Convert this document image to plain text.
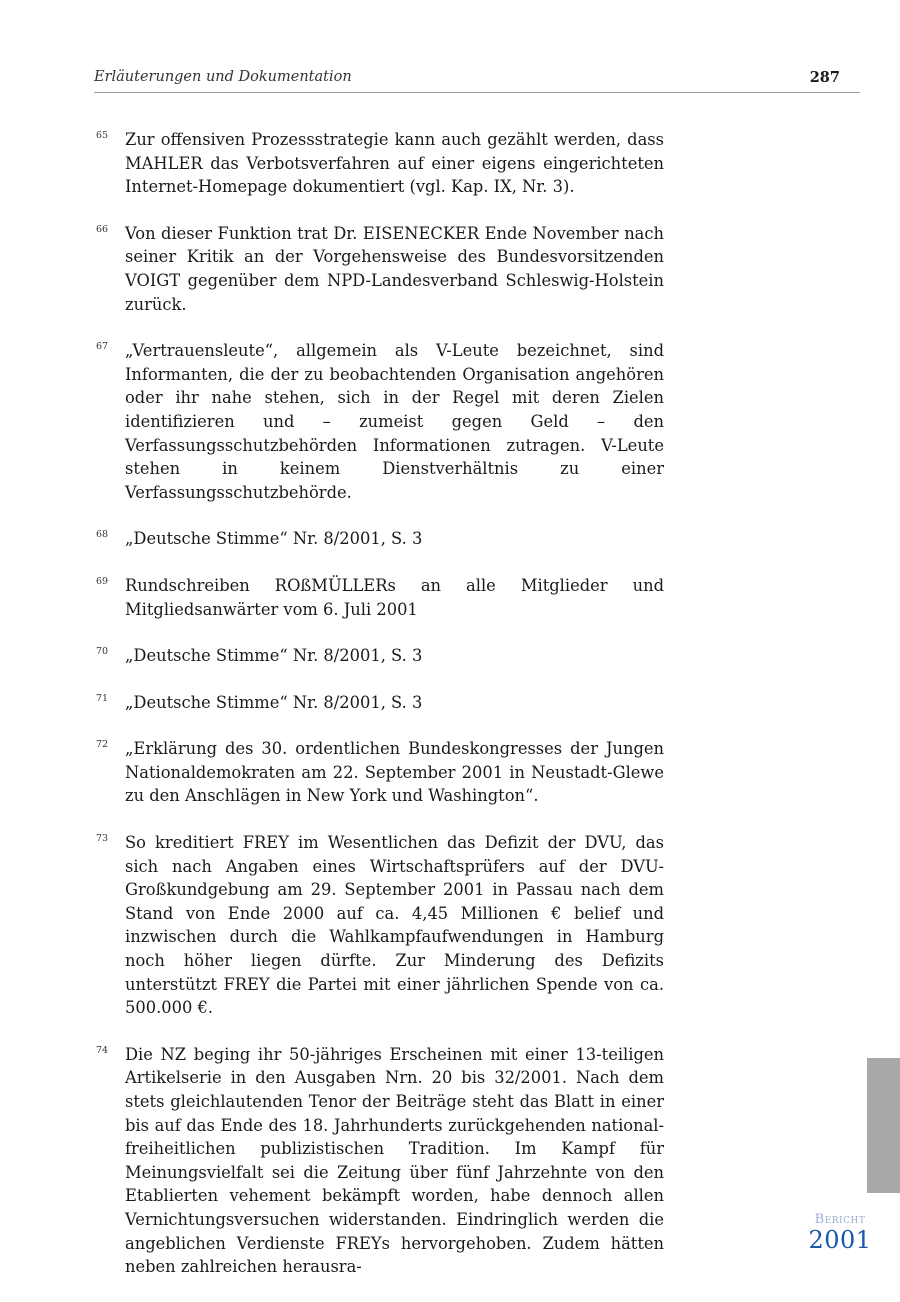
Erläuterungen und Dokumentation	287
65 Zur offensiven Prozessstrategie kann auch gezählt werden, dass MAHLER das Verbotsverfahren auf einer eigens eingerichteten Internet-Homepage dokumentiert (vgl. Kap. IX, Nr. 3).
66 Von dieser Funktion trat Dr. EISENECKER Ende November nach seiner Kritik an der Vorgehensweise des Bundesvorsitzenden VOIGT gegenüber dem NPD-Landesverband Schleswig-Holstein zurück.
67 „Vertrauensleute“, allgemein als V-Leute bezeichnet, sind Informanten, die der zu beobachtenden Organisation angehören oder ihr nahe stehen, sich in der Regel mit deren Zielen identifizieren und – zumeist gegen Geld – den Verfassungsschutzbehörden Informationen zutragen. V-Leute stehen in keinem Dienstverhältnis zu einer Verfassungsschutzbehörde.
68 „Deutsche Stimme“ Nr. 8/2001, S. 3
69 Rundschreiben ROßMÜLLERs an alle Mitglieder und Mitgliedsanwärter vom 6. Juli 2001
70 „Deutsche Stimme“ Nr. 8/2001, S. 3
71 „Deutsche Stimme“ Nr. 8/2001, S. 3
72 „Erklärung des 30. ordentlichen Bundeskongresses der Jungen Nationaldemokraten am 22. September 2001 in Neustadt-Glewe zu den Anschlägen in New York und Washington“.
73 So kreditiert FREY im Wesentlichen das Defizit der DVU, das sich nach Angaben eines Wirtschaftsprüfers auf der DVU-Großkundgebung am 29. September 2001 in Passau nach dem Stand von Ende 2000 auf ca. 4,45 Millionen € belief und inzwischen durch die Wahlkampfaufwendungen in Hamburg noch höher liegen dürfte. Zur Minderung des Defizits unterstützt FREY die Partei mit einer jährlichen Spende von ca. 500.000 €.
74 Die NZ beging ihr 50-jähriges Erscheinen mit einer 13-teiligen Artikelserie in den Ausgaben Nrn. 20 bis 32/2001. Nach dem stets gleichlautenden Tenor der Beiträge steht das Blatt in einer bis auf das Ende des 18. Jahrhunderts zurückgehenden national-freiheitlichen publizistischen Tradition. Im Kampf für Meinungsvielfalt sei die Zeitung über fünf Jahrzehnte von den Etablierten vehement bekämpft worden, habe dennoch allen Vernichtungsversuchen widerstanden. Eindringlich werden die angeblichen Verdienste FREYs hervorgehoben. Zudem hätten neben zahlreichen herausra-
Bericht
2001
